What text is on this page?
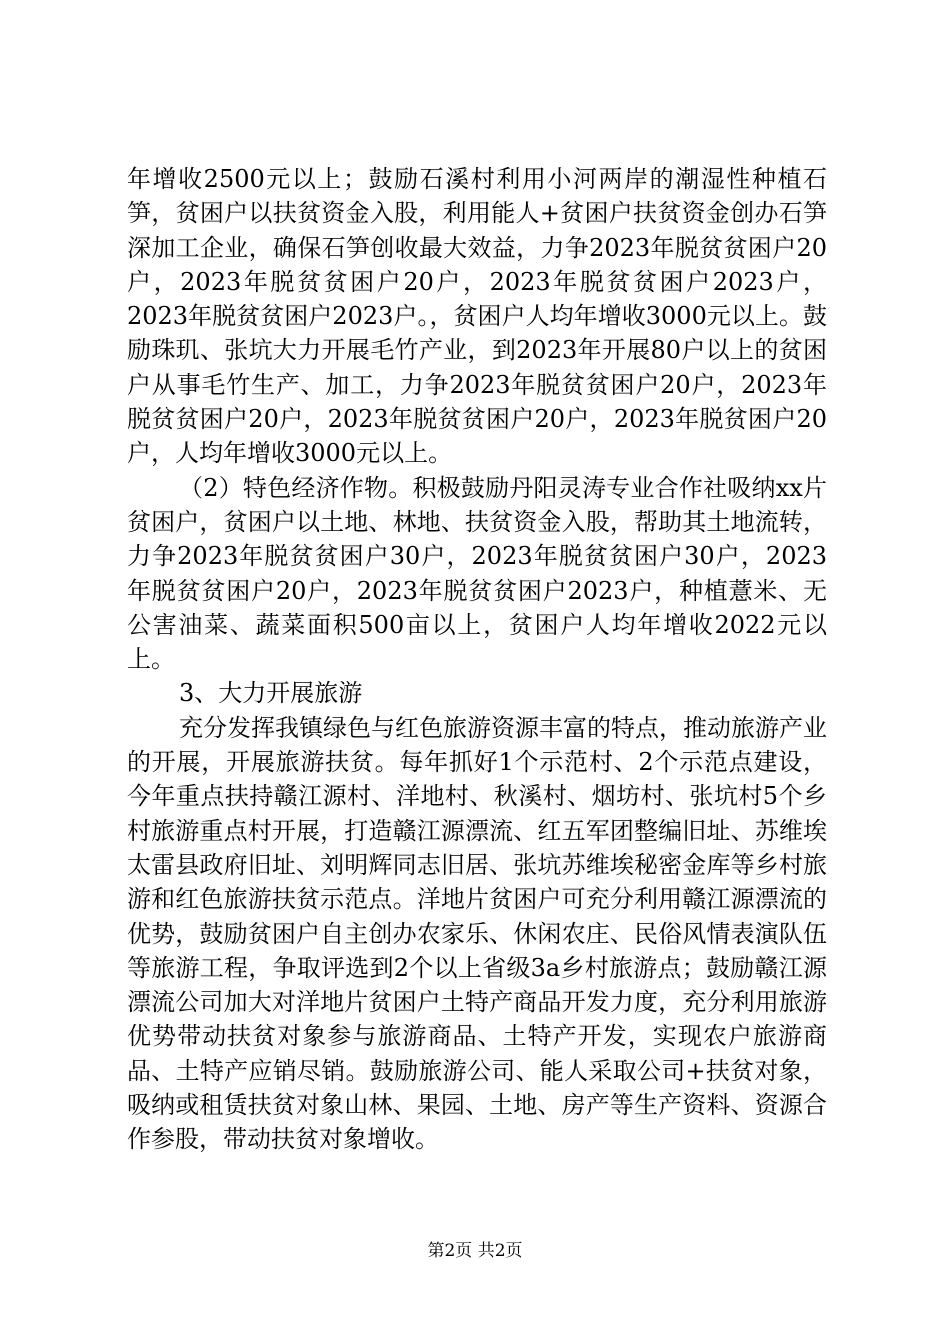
年增收2500元以上；鼓励石溪村利用小河两岸的潮湿性种植石笋，贫困户以扶贫资金入股，利用能人+贫困户扶贫资金创办石笋深加工企业，确保石笋创收最大效益，力争2023年脱贫贫困户20户，2023年脱贫贫困户20户，2023年脱贫贫困户2023户，2023年脱贫贫困户2023户。，贫困户人均年增收3000元以上。鼓励珠玑、张坑大力开展毛竹产业，到2023年开展80户以上的贫困户从事毛竹生产、加工，力争2023年脱贫贫困户20户，2023年脱贫贫困户20户，2023年脱贫贫困户20户，2023年脱贫困户20户，人均年增收3000元以上。

（2）特色经济作物。积极鼓励丹阳灵涛专业合作社吸纳xx片贫困户，贫困户以土地、林地、扶贫资金入股，帮助其土地流转，力争2023年脱贫贫困户30户，2023年脱贫贫困户30户，2023年脱贫贫困户20户，2023年脱贫贫困户2023户，种植薏米、无公害油菜、蔬菜面积500亩以上，贫困户人均年增收2022元以上。

3、大力开展旅游

充分发挥我镇绿色与红色旅游资源丰富的特点，推动旅游产业的开展，开展旅游扶贫。每年抓好1个示范村、2个示范点建设，今年重点扶持赣江源村、洋地村、秋溪村、烟坊村、张坑村5个乡村旅游重点村开展，打造赣江源漂流、红五军团整编旧址、苏维埃太雷县政府旧址、刘明辉同志旧居、张坑苏维埃秘密金库等乡村旅游和红色旅游扶贫示范点。洋地片贫困户可充分利用赣江源漂流的优势，鼓励贫困户自主创办农家乐、休闲农庄、民俗风情表演队伍等旅游工程，争取评选到2个以上省级3a乡村旅游点；鼓励赣江源漂流公司加大对洋地片贫困户土特产商品开发力度，充分利用旅游优势带动扶贫对象参与旅游商品、土特产开发，实现农户旅游商品、土特产应销尽销。鼓励旅游公司、能人采取公司+扶贫对象，吸纳或租赁扶贫对象山林、果园、土地、房产等生产资料、资源合作参股，带动扶贫对象增收。

第2页 共2页
